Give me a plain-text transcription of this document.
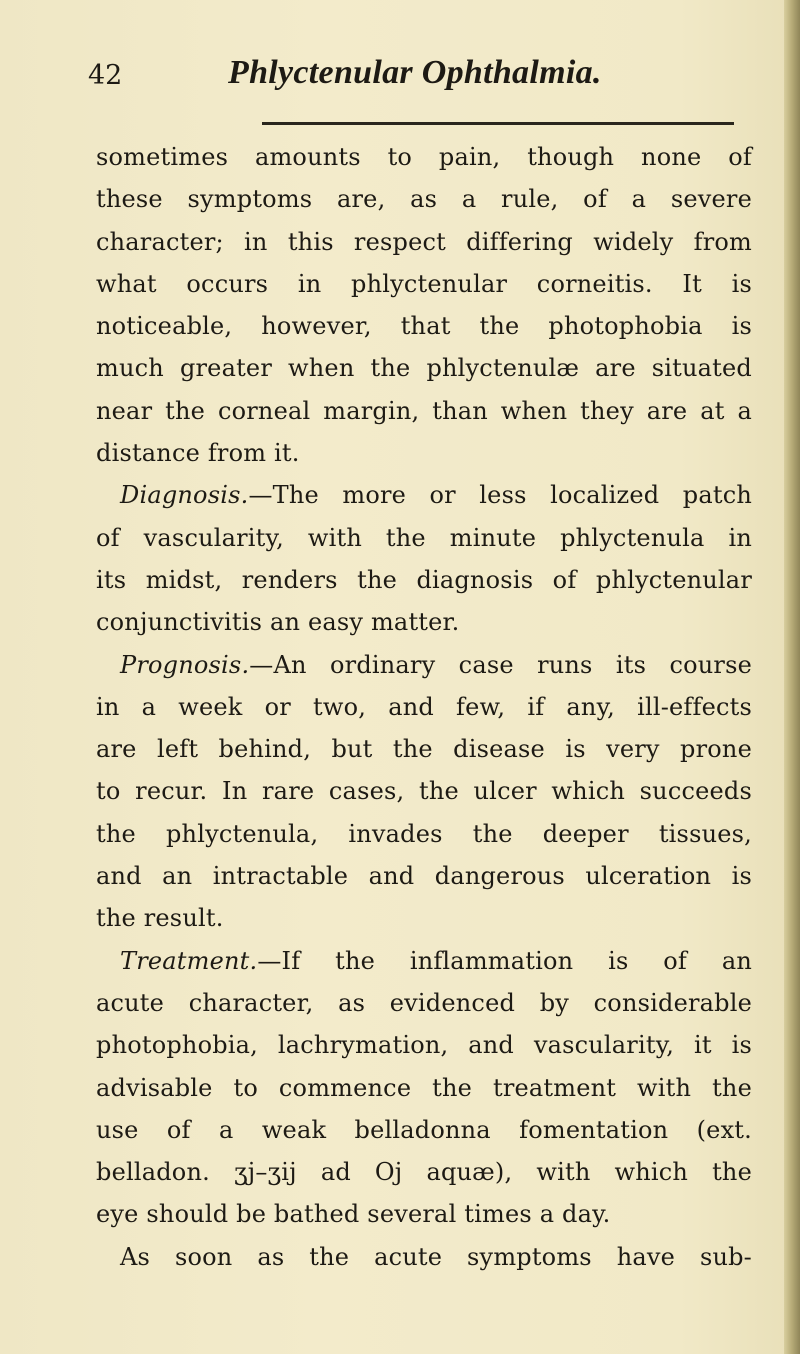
42	Phlyctenular Ophthalmia.
sometimes amounts to pain, though none of
these symptoms are, as a rule, of a severe
character; in this respect differing widely from
what occurs in phlyctenular corneitis. It is
noticeable, however, that the photophobia is
much greater when the phlyctenulæ are situated
near the corneal margin, than when they are at a
distance from it.
Diagnosis.—The more or less localized patch
of vascularity, with the minute phlyctenula in
its midst, renders the diagnosis of phlyctenular
conjunctivitis an easy matter.
Prognosis.—An ordinary case runs its course
in a week or two, and few, if any, ill-effects
are left behind, but the disease is very prone
to recur. In rare cases, the ulcer which succeeds
the phlyctenula, invades the deeper tissues,
and an intractable and dangerous ulceration is
the result.
Treatment.—If the inflammation is of an
acute character, as evidenced by considerable
photophobia, lachrymation, and vascularity, it is
advisable to commence the treatment with the
use of a weak belladonna fomentation (ext.
belladon. ʒj–ʒij ad Oj aquæ), with which the
eye should be bathed several times a day.
As soon as the acute symptoms have sub-
